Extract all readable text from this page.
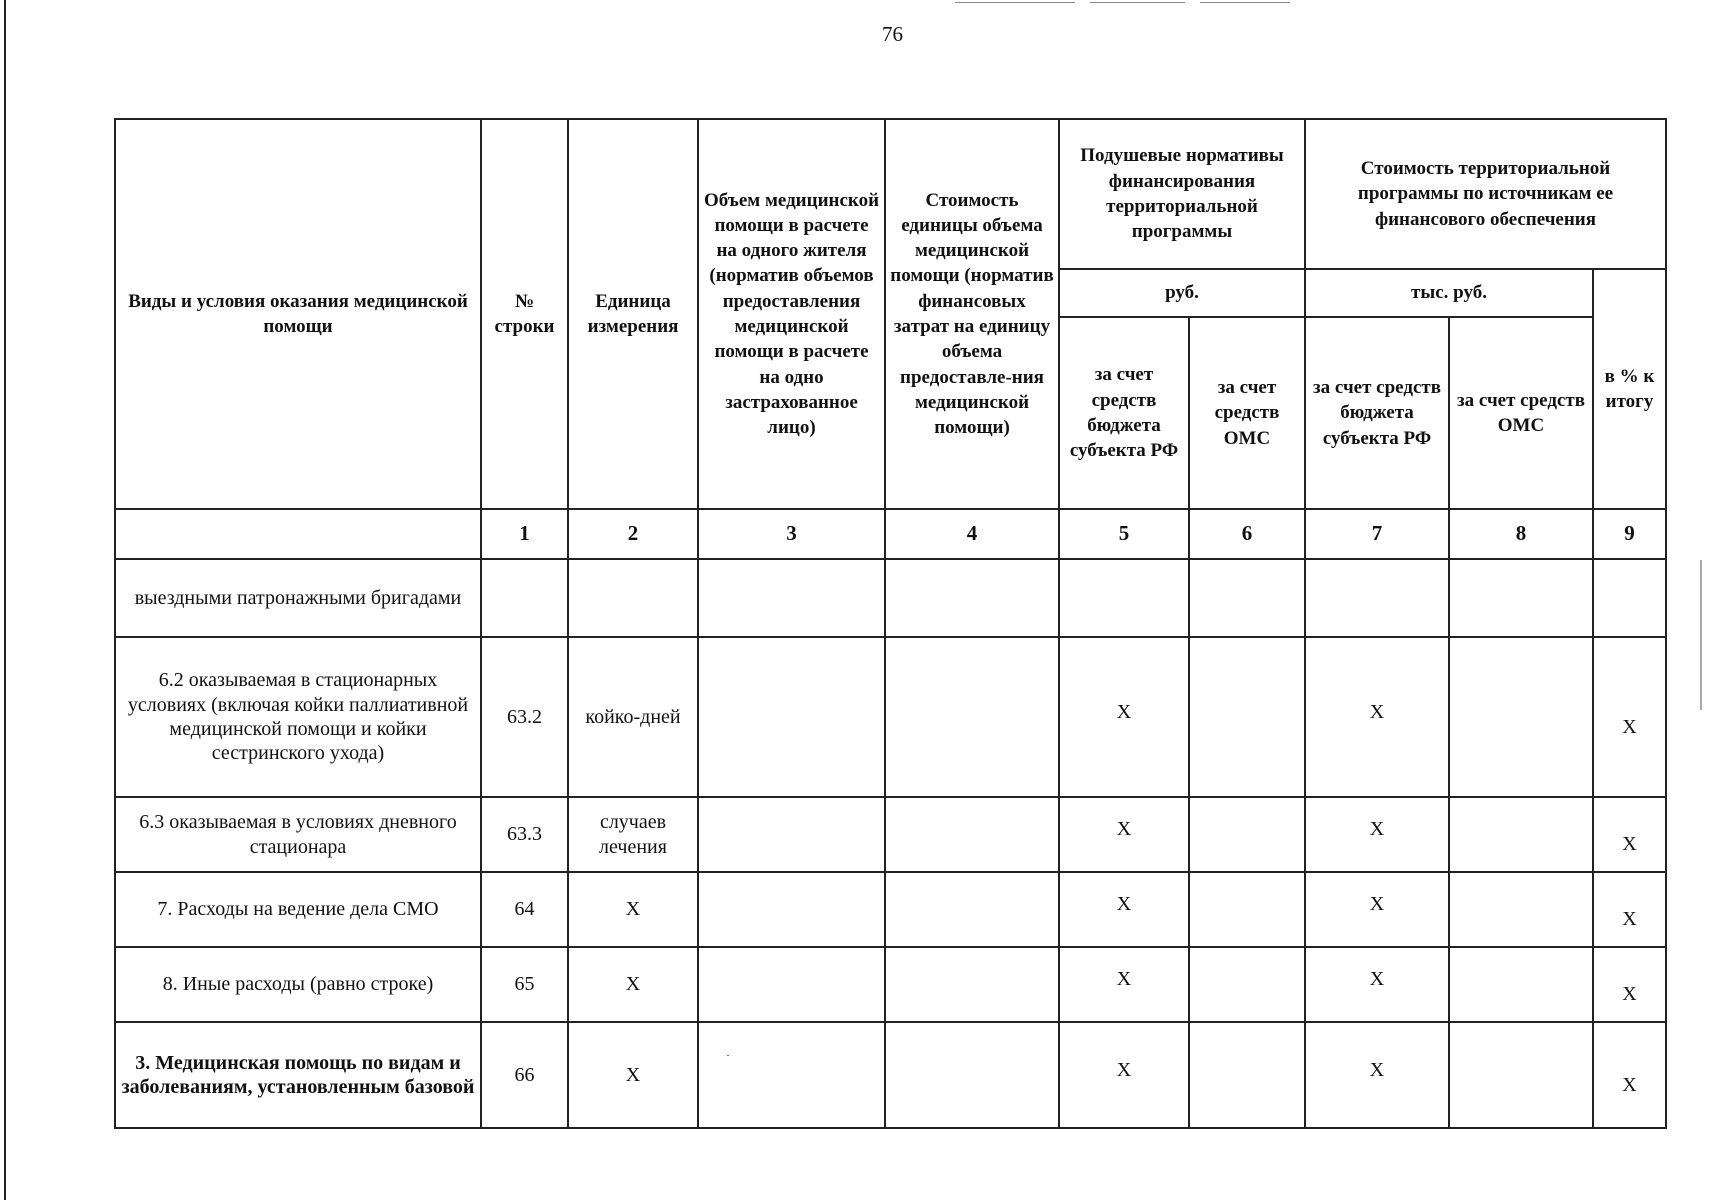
76
Виды и условия оказания медицинской помощи	№ строки	Единица измерения	Объем медицинской помощи в расчете на одного жителя (норматив объемов предоставления медицинской помощи в расчете на одно застрахованное лицо)	Стоимость единицы объема медицинской помощи (норматив финансовых затрат на единицу объема предоставле-ния медицинской помощи)	Подушевые нормативы финансирования территориальной программы		Стоимость территориальной программы по источникам ее финансового обеспечения		
					руб.		тыс. руб.		в % к итогу
					за счет средств бюджета субъекта РФ	за счет средств ОМС	за счет средств бюджета субъекта РФ	за счет средств ОМС	
	1	2	3	4	5	6	7	8	9
выездными патронажными бригадами									
6.2 оказываемая в стационарных условиях (включая койки паллиативной медицинской помощи и койки сестринского ухода)	63.2	койко-дней			X		X		X
6.3 оказываемая в условиях дневного стационара	63.3	случаев лечения			X		X		X
7. Расходы на ведение дела СМО	64	X			X		X		X
8. Иные расходы (равно строке)	65	X			X		X		X
3. Медицинская помощь по видам и заболеваниям, установленным базовой	66	X			X		X		X
